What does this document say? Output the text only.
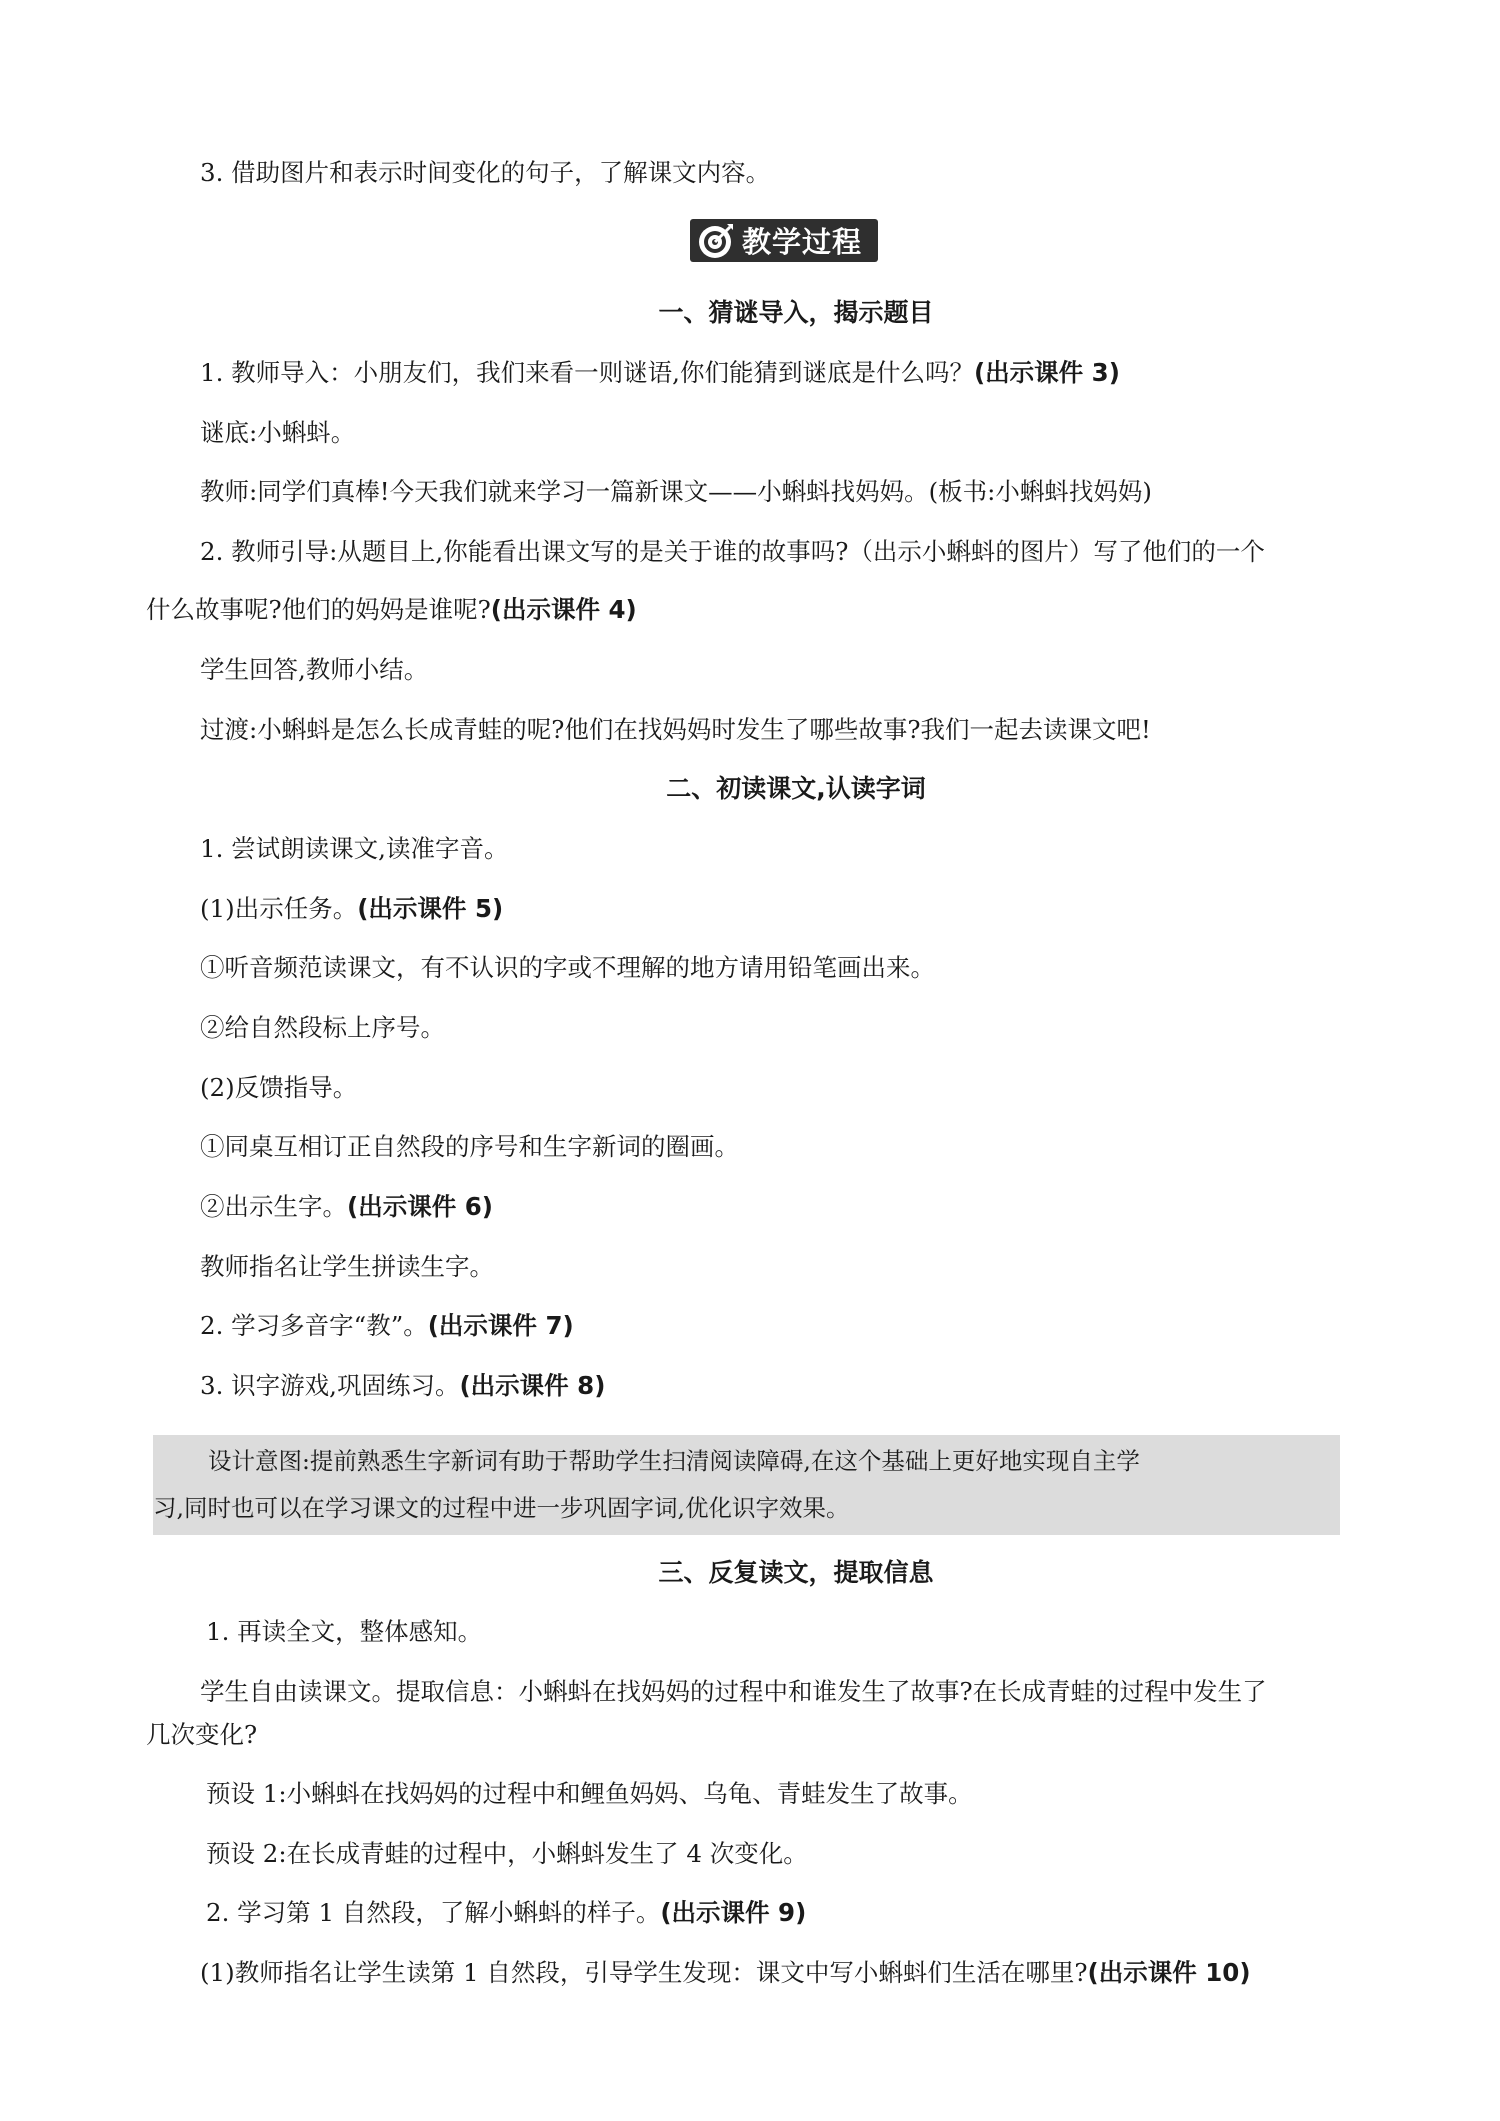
3. 借助图片和表示时间变化的句子，了解课文内容。
教学过程
一、猜谜导入，揭示题目
1. 教师导入：小朋友们，我们来看一则谜语,你们能猜到谜底是什么吗？(出示课件 3)
谜底:小蝌蚪。
教师:同学们真棒!今天我们就来学习一篇新课文——小蝌蚪找妈妈。(板书:小蝌蚪找妈妈)
2. 教师引导:从题目上,你能看出课文写的是关于谁的故事吗?（出示小蝌蚪的图片）写了他们的一个
什么故事呢?他们的妈妈是谁呢?(出示课件 4)
学生回答,教师小结。
过渡:小蝌蚪是怎么长成青蛙的呢?他们在找妈妈时发生了哪些故事?我们一起去读课文吧!
二、初读课文,认读字词
1. 尝试朗读课文,读准字音。
(1)出示任务。(出示课件 5)
①听音频范读课文，有不认识的字或不理解的地方请用铅笔画出来。
②给自然段标上序号。
(2)反馈指导。
①同桌互相订正自然段的序号和生字新词的圈画。
②出示生字。(出示课件 6)
教师指名让学生拼读生字。
2. 学习多音字“教”。(出示课件 7)
3. 识字游戏,巩固练习。(出示课件 8)
设计意图:提前熟悉生字新词有助于帮助学生扫清阅读障碍,在这个基础上更好地实现自主学
习,同时也可以在学习课文的过程中进一步巩固字词,优化识字效果。
三、反复读文，提取信息
1. 再读全文，整体感知。
学生自由读课文。提取信息：小蝌蚪在找妈妈的过程中和谁发生了故事?在长成青蛙的过程中发生了
几次变化?
预设 1:小蝌蚪在找妈妈的过程中和鲤鱼妈妈、乌龟、青蛙发生了故事。
预设 2:在长成青蛙的过程中，小蝌蚪发生了 4 次变化。
2. 学习第 1 自然段，了解小蝌蚪的样子。(出示课件 9)
(1)教师指名让学生读第 1 自然段，引导学生发现：课文中写小蝌蚪们生活在哪里?(出示课件 10)
